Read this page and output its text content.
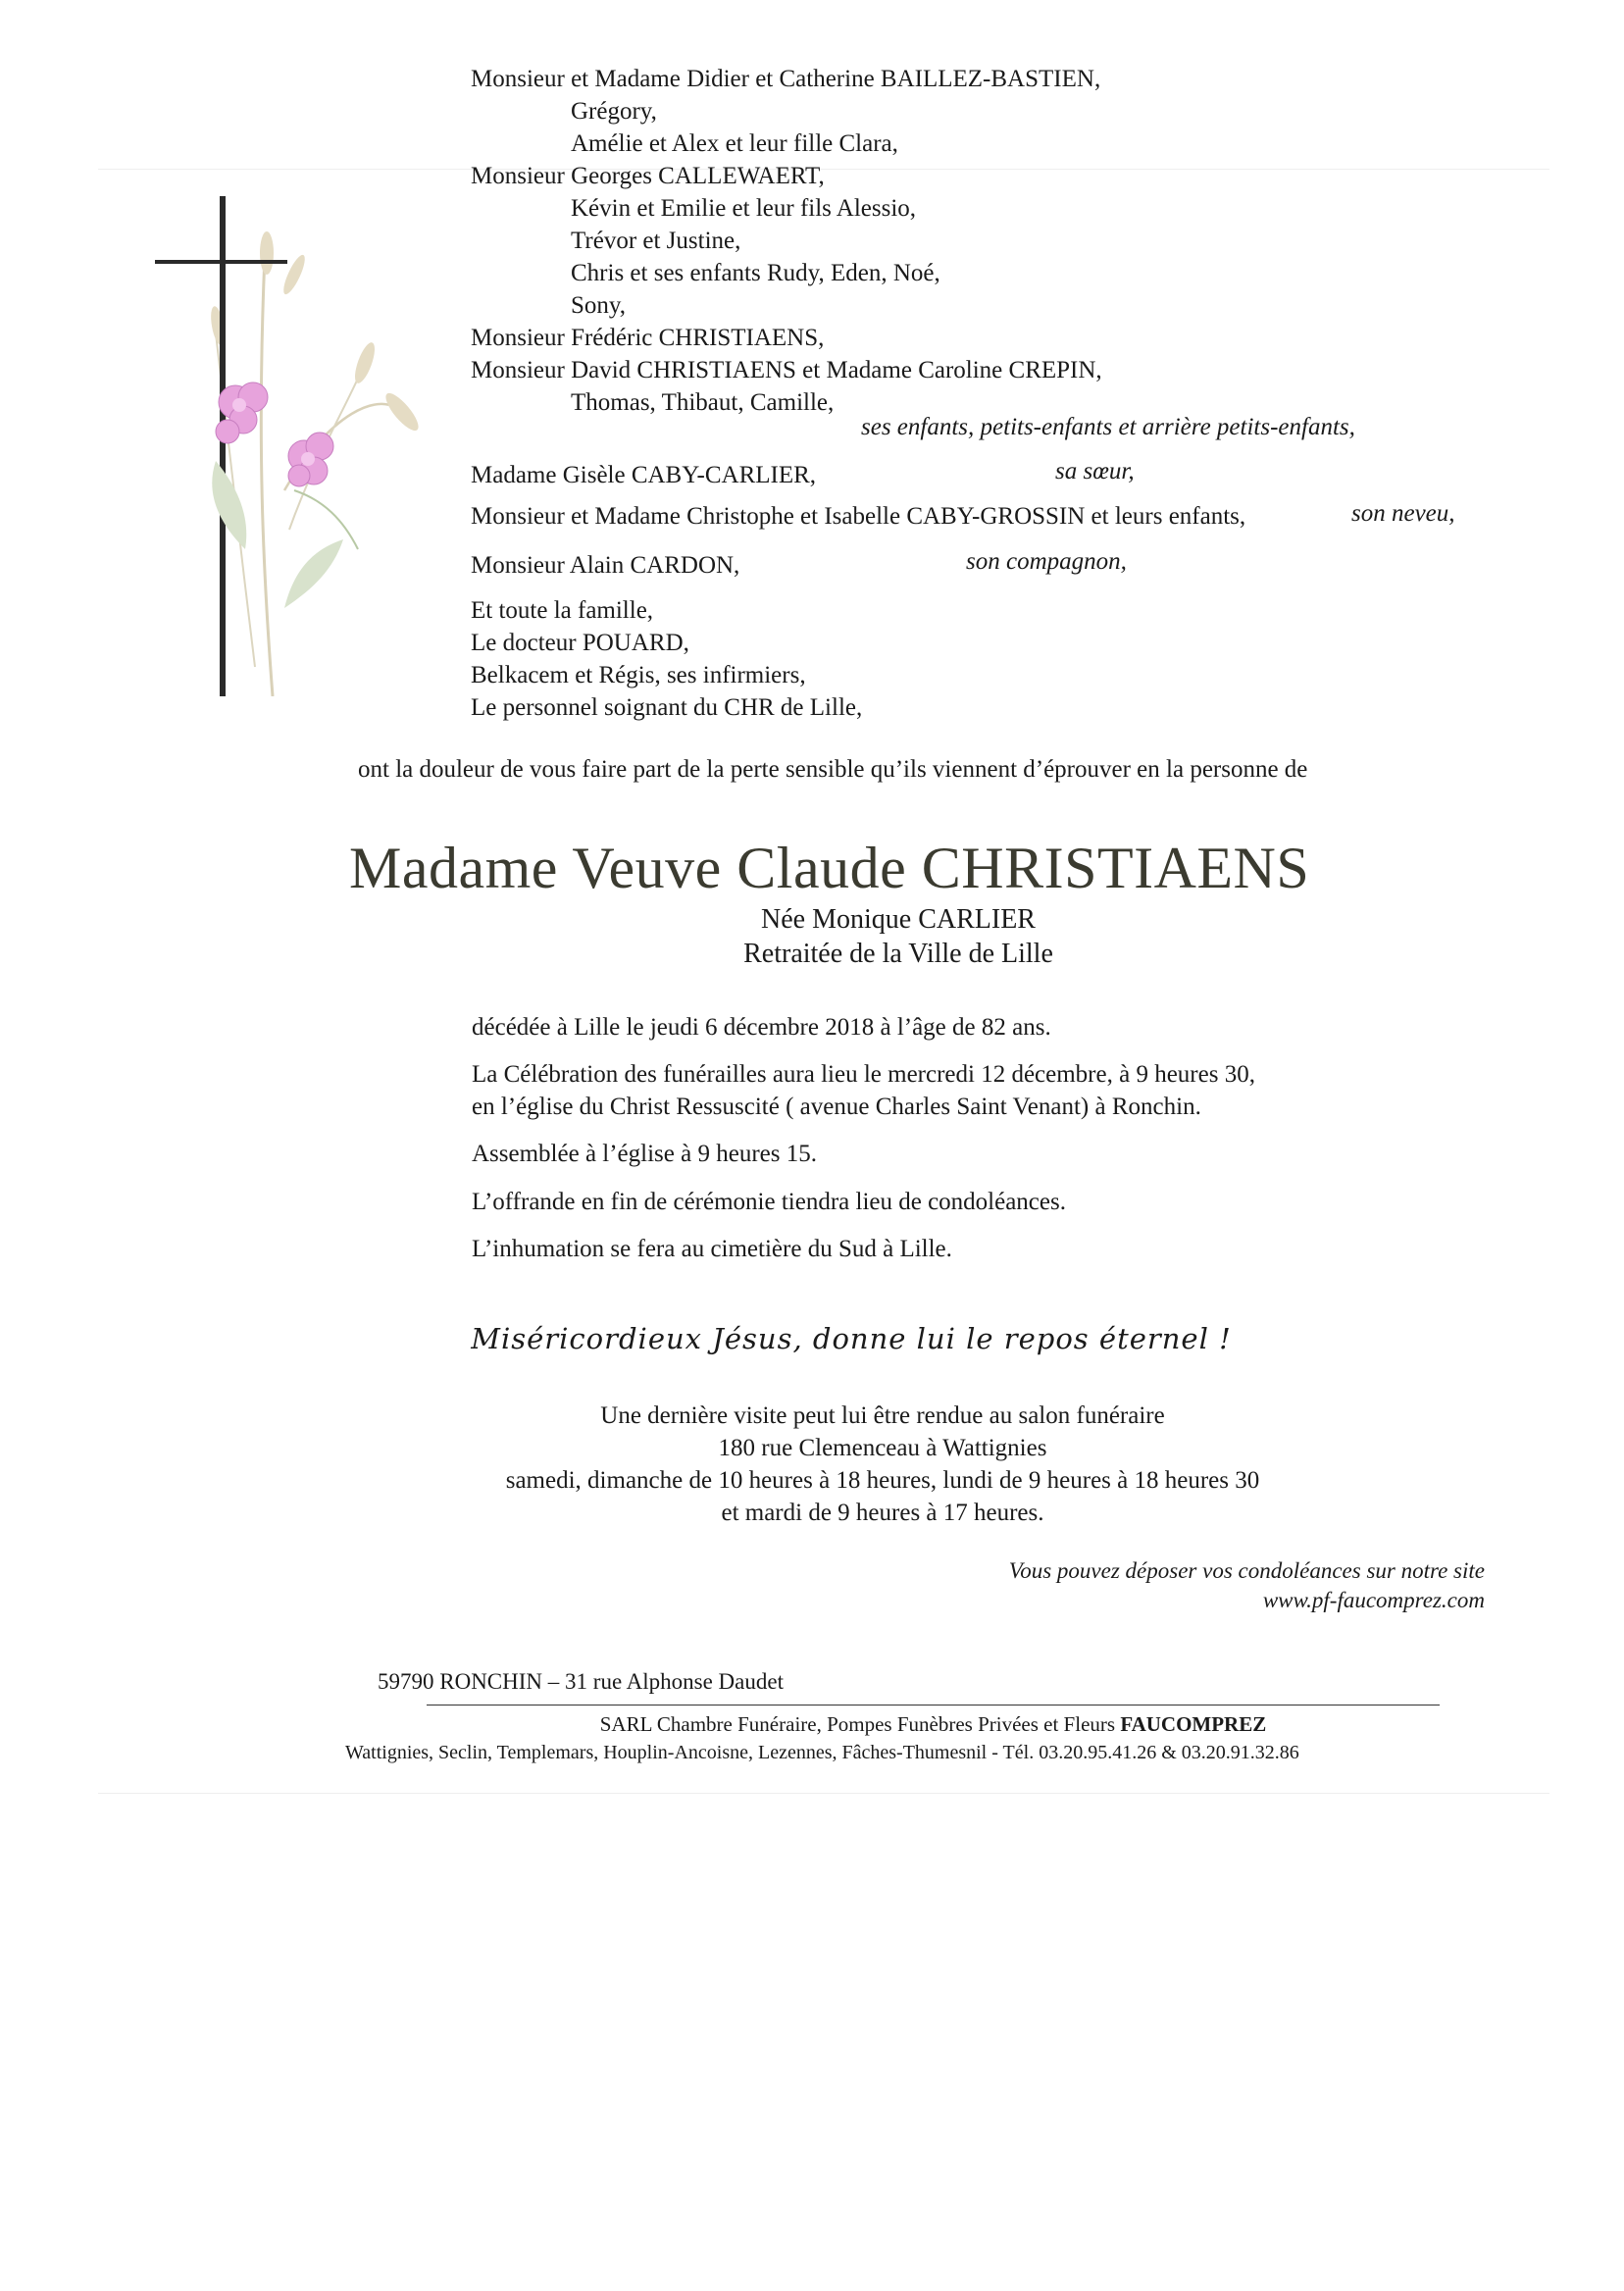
Monsieur et Madame Didier et Catherine BAILLEZ-BASTIEN,
Grégory,
Amélie et Alex et leur fille Clara,
Monsieur Georges CALLEWAERT,
Kévin et Emilie et leur fils Alessio,
Trévor et Justine,
Chris et ses enfants Rudy, Eden, Noé,
Sony,
Monsieur Frédéric CHRISTIAENS,
Monsieur David CHRISTIAENS et Madame Caroline CREPIN,
Thomas, Thibaut, Camille,
ses enfants, petits-enfants et arrière petits-enfants,
Madame Gisèle CABY-CARLIER,	sa sœur,
Monsieur et Madame Christophe et Isabelle CABY-GROSSIN et leurs enfants,	son neveu,
Monsieur Alain CARDON,	son compagnon,
Et toute la famille,
Le docteur POUARD,
Belkacem et Régis, ses infirmiers,
Le personnel soignant du CHR de Lille,
ont la douleur de vous faire part de la perte sensible qu’ils viennent d’éprouver en la personne de
Madame Veuve Claude CHRISTIAENS
Née Monique CARLIER
Retraitée de la Ville de Lille
décédée à Lille le jeudi 6 décembre 2018 à l’âge de 82 ans.
La Célébration des funérailles aura lieu le mercredi 12 décembre, à 9 heures 30,
en l’église du Christ Ressuscité ( avenue Charles Saint Venant) à Ronchin.
Assemblée à l’église à 9 heures 15.
L’offrande en fin de cérémonie tiendra lieu de condoléances.
L’inhumation se fera au cimetière du Sud à Lille.
Miséricordieux Jésus, donne lui le repos éternel !
Une dernière visite peut lui être rendue au salon funéraire
180 rue Clemenceau à Wattignies
samedi, dimanche de 10 heures à 18 heures, lundi de 9 heures à 18 heures 30
et mardi de 9 heures à 17 heures.
Vous pouvez déposer vos condoléances sur notre site
www.pf-faucomprez.com
59790 RONCHIN – 31 rue Alphonse Daudet
SARL Chambre Funéraire, Pompes Funèbres Privées et Fleurs FAUCOMPREZ
Wattignies, Seclin, Templemars, Houplin-Ancoisne, Lezennes, Fâches-Thumesnil - Tél. 03.20.95.41.26 & 03.20.91.32.86
